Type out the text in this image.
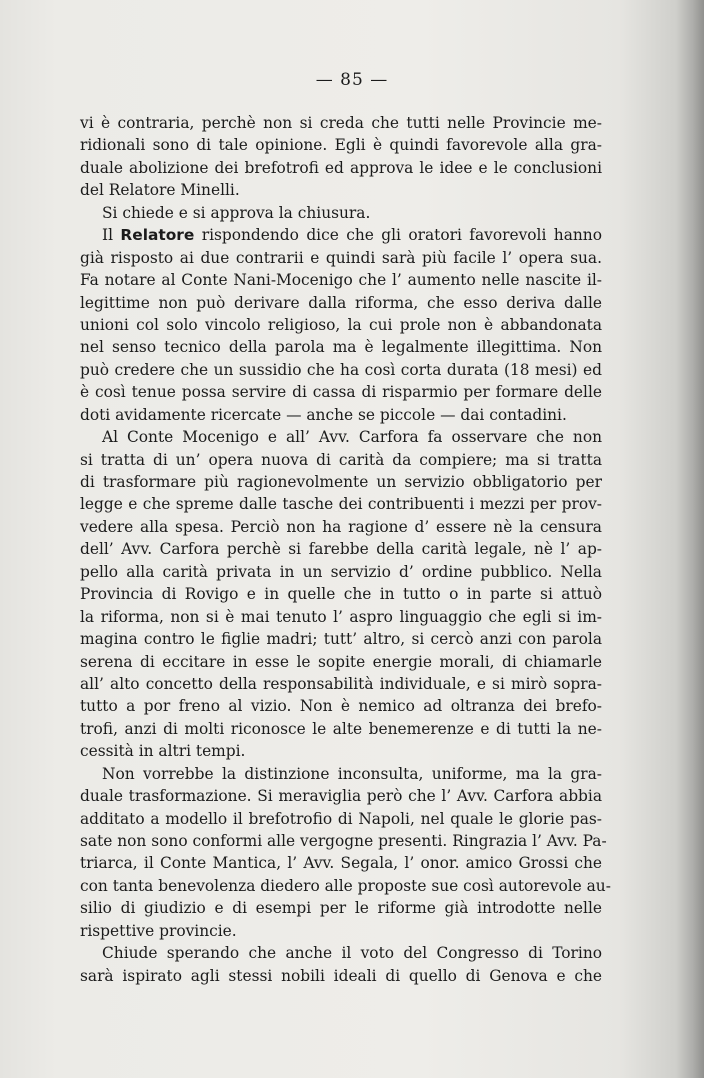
— 85 —
vi è contraria, perchè non si creda che tutti nelle Provincie me-
ridionali sono di tale opinione. Egli è quindi favorevole alla gra-
duale abolizione dei brefotrofi ed approva le idee e le conclusioni
del Relatore Minelli.
Si chiede e si approva la chiusura.
Il Relatore rispondendo dice che gli oratori favorevoli hanno
già risposto ai due contrarii e quindi sarà più facile l’ opera sua.
Fa notare al Conte Nani-Mocenigo che l’ aumento nelle nascite il-
legittime non può derivare dalla riforma, che esso deriva dalle
unioni col solo vincolo religioso, la cui prole non è abbandonata
nel senso tecnico della parola ma è legalmente illegittima. Non
può credere che un sussidio che ha così corta durata (18 mesi) ed
è così tenue possa servire di cassa di risparmio per formare delle
doti avidamente ricercate — anche se piccole — dai contadini.
Al Conte Mocenigo e all’ Avv. Carfora fa osservare che non
si tratta di un’ opera nuova di carità da compiere; ma si tratta
di trasformare più ragionevolmente un servizio obbligatorio per
legge e che spreme dalle tasche dei contribuenti i mezzi per prov-
vedere alla spesa. Perciò non ha ragione d’ essere nè la censura
dell’ Avv. Carfora perchè si farebbe della carità legale, nè l’ ap-
pello alla carità privata in un servizio d’ ordine pubblico. Nella
Provincia di Rovigo e in quelle che in tutto o in parte si attuò
la riforma, non si è mai tenuto l’ aspro linguaggio che egli si im-
magina contro le figlie madri; tutt’ altro, si cercò anzi con parola
serena di eccitare in esse le sopite energie morali, di chiamarle
all’ alto concetto della responsabilità individuale, e si mirò sopra-
tutto a por freno al vizio. Non è nemico ad oltranza dei brefo-
trofi, anzi di molti riconosce le alte benemerenze e di tutti la ne-
cessità in altri tempi.
Non vorrebbe la distinzione inconsulta, uniforme, ma la gra-
duale trasformazione. Si meraviglia però che l’ Avv. Carfora abbia
additato a modello il brefotrofio di Napoli, nel quale le glorie pas-
sate non sono conformi alle vergogne presenti. Ringrazia l’ Avv. Pa-
triarca, il Conte Mantica, l’ Avv. Segala, l’ onor. amico Grossi che
con tanta benevolenza diedero alle proposte sue così autorevole au-
silio di giudizio e di esempi per le riforme già introdotte nelle
rispettive provincie.
Chiude sperando che anche il voto del Congresso di Torino
sarà ispirato agli stessi nobili ideali di quello di Genova e che
